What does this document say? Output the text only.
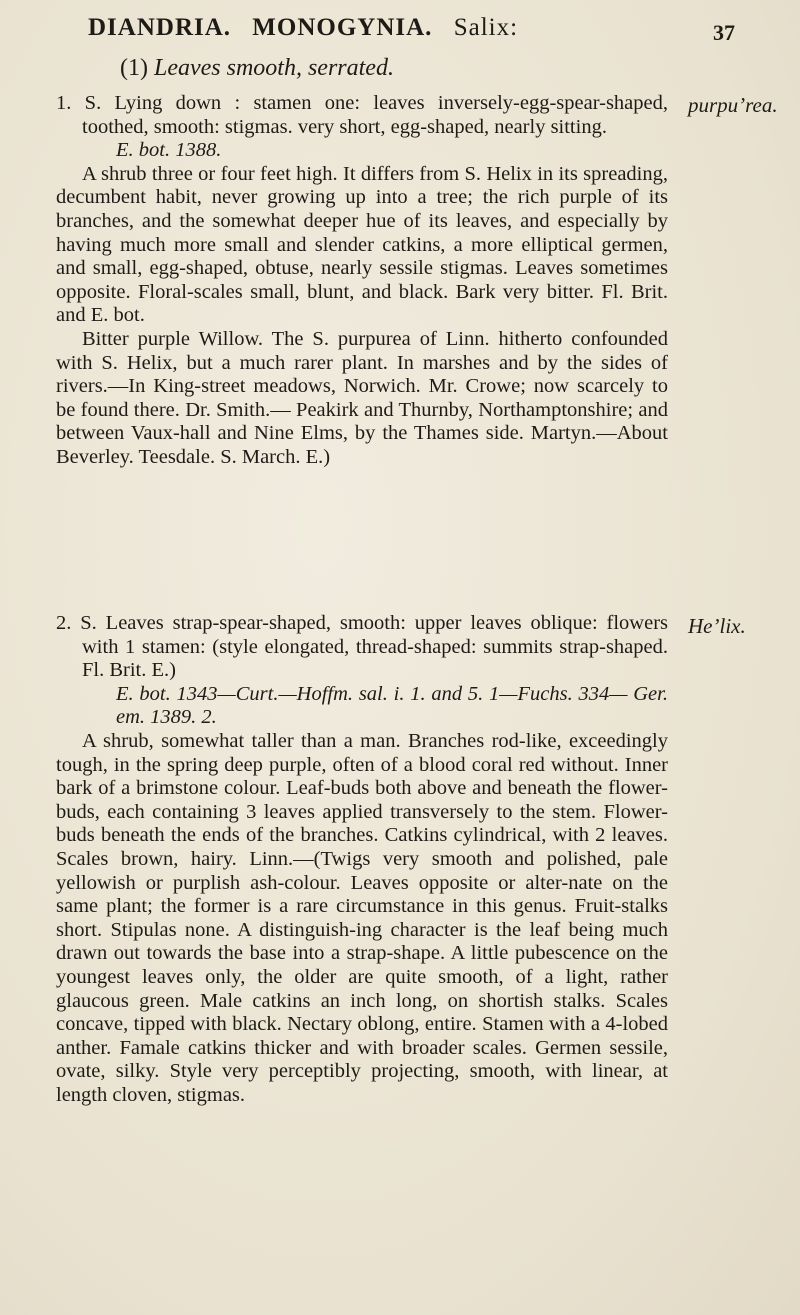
DIANDRIA. MONOGYNIA. Salix:	37
(1) Leaves smooth, serrated.

1. S. Lying down : stamen one: leaves inversely-egg-spear-shaped, toothed, smooth: stigmas. very short, egg-shaped, nearly sitting.

E. bot. 1388.

A shrub three or four feet high. It differs from S. Helix in its spreading, decumbent habit, never growing up into a tree; the rich purple of its branches, and the somewhat deeper hue of its leaves, and especially by having much more small and slender catkins, a more elliptical germen, and small, egg-shaped, obtuse, nearly sessile stigmas. Leaves sometimes opposite. Floral-scales small, blunt, and black. Bark very bitter. Fl. Brit. and E. bot.

Bitter purple Willow. The S. purpurea of Linn. hitherto confounded with S. Helix, but a much rarer plant. In marshes and by the sides of rivers.—In King-street meadows, Norwich. Mr. Crowe; now scarcely to be found there. Dr. Smith.— Peakirk and Thurnby, Northamptonshire; and between Vaux-hall and Nine Elms, by the Thames side. Martyn.—About Beverley. Teesdale. S. March. E.)

purpu’rea.

2. S. Leaves strap-spear-shaped, smooth: upper leaves oblique: flowers with 1 stamen: (style elongated, thread-shaped: summits strap-shaped. Fl. Brit. E.)

E. bot. 1343—Curt.—Hoffm. sal. i. 1. and 5. 1—Fuchs. 334— Ger. em. 1389. 2.

A shrub, somewhat taller than a man. Branches rod-like, exceedingly tough, in the spring deep purple, often of a blood coral red without. Inner bark of a brimstone colour. Leaf-buds both above and beneath the flower-buds, each containing 3 leaves applied transversely to the stem. Flower-buds beneath the ends of the branches. Catkins cylindrical, with 2 leaves. Scales brown, hairy. Linn.—(Twigs very smooth and polished, pale yellowish or purplish ash-colour. Leaves opposite or alter-nate on the same plant; the former is a rare circumstance in this genus. Fruit-stalks short. Stipulas none. A distinguish-ing character is the leaf being much drawn out towards the base into a strap-shape. A little pubescence on the youngest leaves only, the older are quite smooth, of a light, rather glaucous green. Male catkins an inch long, on shortish stalks. Scales concave, tipped with black. Nectary oblong, entire. Stamen with a 4-lobed anther. Famale catkins thicker and with broader scales. Germen sessile, ovate, silky. Style very perceptibly projecting, smooth, with linear, at length cloven, stigmas.

He’lix.
